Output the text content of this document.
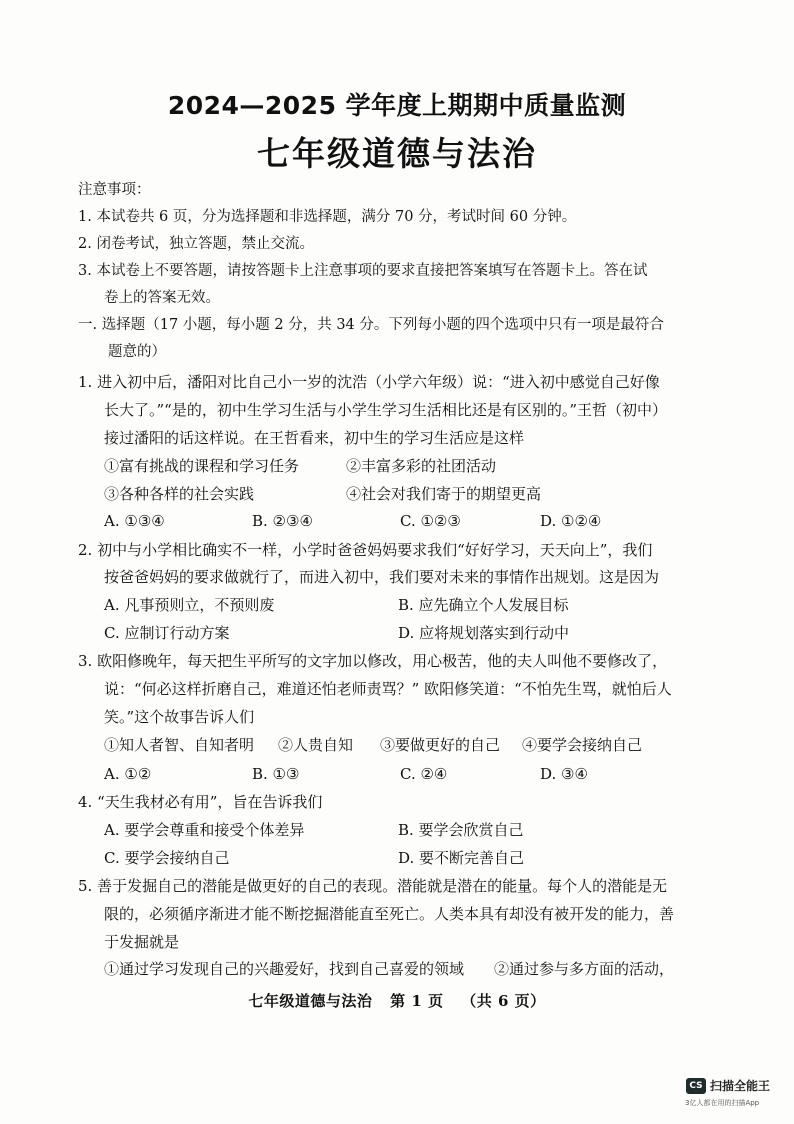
2024—2025 学年度上期期中质量监测
七年级道德与法治
注意事项：
1. 本试卷共 6 页，分为选择题和非选择题，满分 70 分，考试时间 60 分钟。
2. 闭卷考试，独立答题，禁止交流。
3. 本试卷上不要答题，请按答题卡上注意事项的要求直接把答案填写在答题卡上。答在试
卷上的答案无效。
一. 选择题（17 小题，每小题 2 分，共 34 分。下列每小题的四个选项中只有一项是最符合
题意的）
1. 进入初中后，潘阳对比自己小一岁的沈浩（小学六年级）说：“进入初中感觉自己好像
长大了。”“是的，初中生学习生活与小学生学习生活相比还是有区别的。”王哲（初中）
接过潘阳的话这样说。在王哲看来，初中生的学习生活应是这样
①富有挑战的课程和学习任务	②丰富多彩的社团活动
③各种各样的社会实践	④社会对我们寄于的期望更高
A. ①③④	B. ②③④	C. ①②③	D. ①②④
2. 初中与小学相比确实不一样，小学时爸爸妈妈要求我们“好好学习，天天向上”，我们
按爸爸妈妈的要求做就行了，而进入初中，我们要对未来的事情作出规划。这是因为
A. 凡事预则立，不预则废	B. 应先确立个人发展目标
C. 应制订行动方案	D. 应将规划落实到行动中
3. 欧阳修晚年，每天把生平所写的文字加以修改，用心极苦，他的夫人叫他不要修改了，
说：“何必这样折磨自己，难道还怕老师责骂？” 欧阳修笑道：“不怕先生骂，就怕后人
笑。”这个故事告诉人们
①知人者智、自知者明 ②人贵自知 ③要做更好的自己 ④要学会接纳自己
A. ①②	B. ①③	C. ②④	D. ③④
4. “天生我材必有用”，旨在告诉我们
A. 要学会尊重和接受个体差异	B. 要学会欣赏自己
C. 要学会接纳自己	D. 要不断完善自己
5. 善于发掘自己的潜能是做更好的自己的表现。潜能就是潜在的能量。每个人的潜能是无
限的，必须循序渐进才能不断挖掘潜能直至死亡。人类本具有却没有被开发的能力，善
于发掘就是
①通过学习发现自己的兴趣爱好，找到自己喜爱的领域 ②通过参与多方面的活动，
七年级道德与法治 第 1 页 （共 6 页）
CS 扫描全能王
3亿人都在用的扫描App
